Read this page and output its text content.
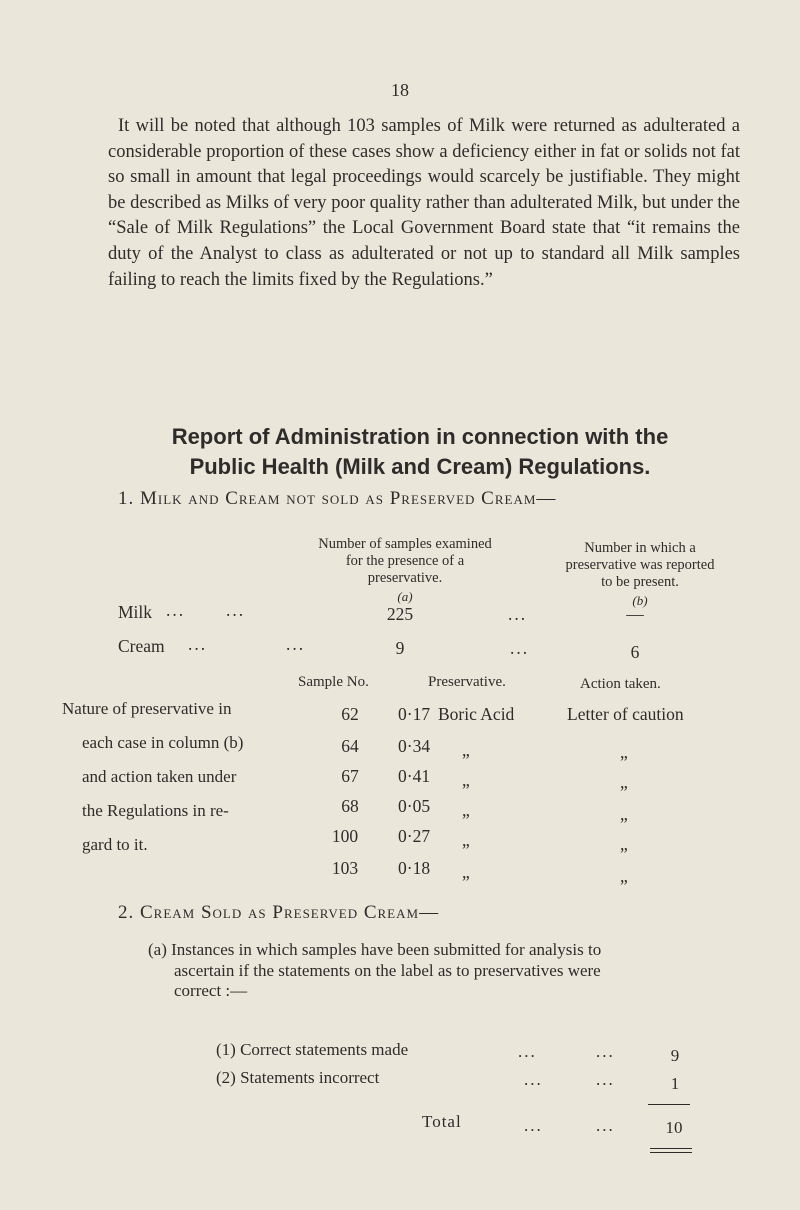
18

It will be noted that although 103 samples of Milk were returned as adulterated a considerable proportion of these cases show a deficiency either in fat or solids not fat so small in amount that legal proceedings would scarcely be justifiable. They might be described as Milks of very poor quality rather than adulterated Milk, but under the “Sale of Milk Regulations” the Local Government Board state that “it remains the duty of the Analyst to class as adulterated or not up to standard all Milk samples failing to reach the limits fixed by the Regulations.”

Report of Administration in connection with the
Public Health (Milk and Cream) Regulations.
1. Milk and Cream not sold as Preserved Cream—
Number of samples examined for the presence of a preservative.
(a)
Number in which a preservative was reported to be present.
(b)
Milk ... ...	225	...	—
Cream ...	...	9	...	6
Sample No.	Preservative.	Action taken.
Nature of preservative in
each case in column (b)
and action taken under
the Regulations in re-
gard to it.
62	0·17 Boric Acid	Letter of caution
64	0·34 „	„
67	0·41 „	„
68	0·05 „	„
100	0·27 „	„
103	0·18 „	„
2. Cream Sold as Preserved Cream—
(a) Instances in which samples have been submitted for analysis to ascertain if the statements on the label as to preservatives were correct :—
(1) Correct statements made	...	...	9
(2) Statements incorrect	...	...	1
Total	...	...	10
